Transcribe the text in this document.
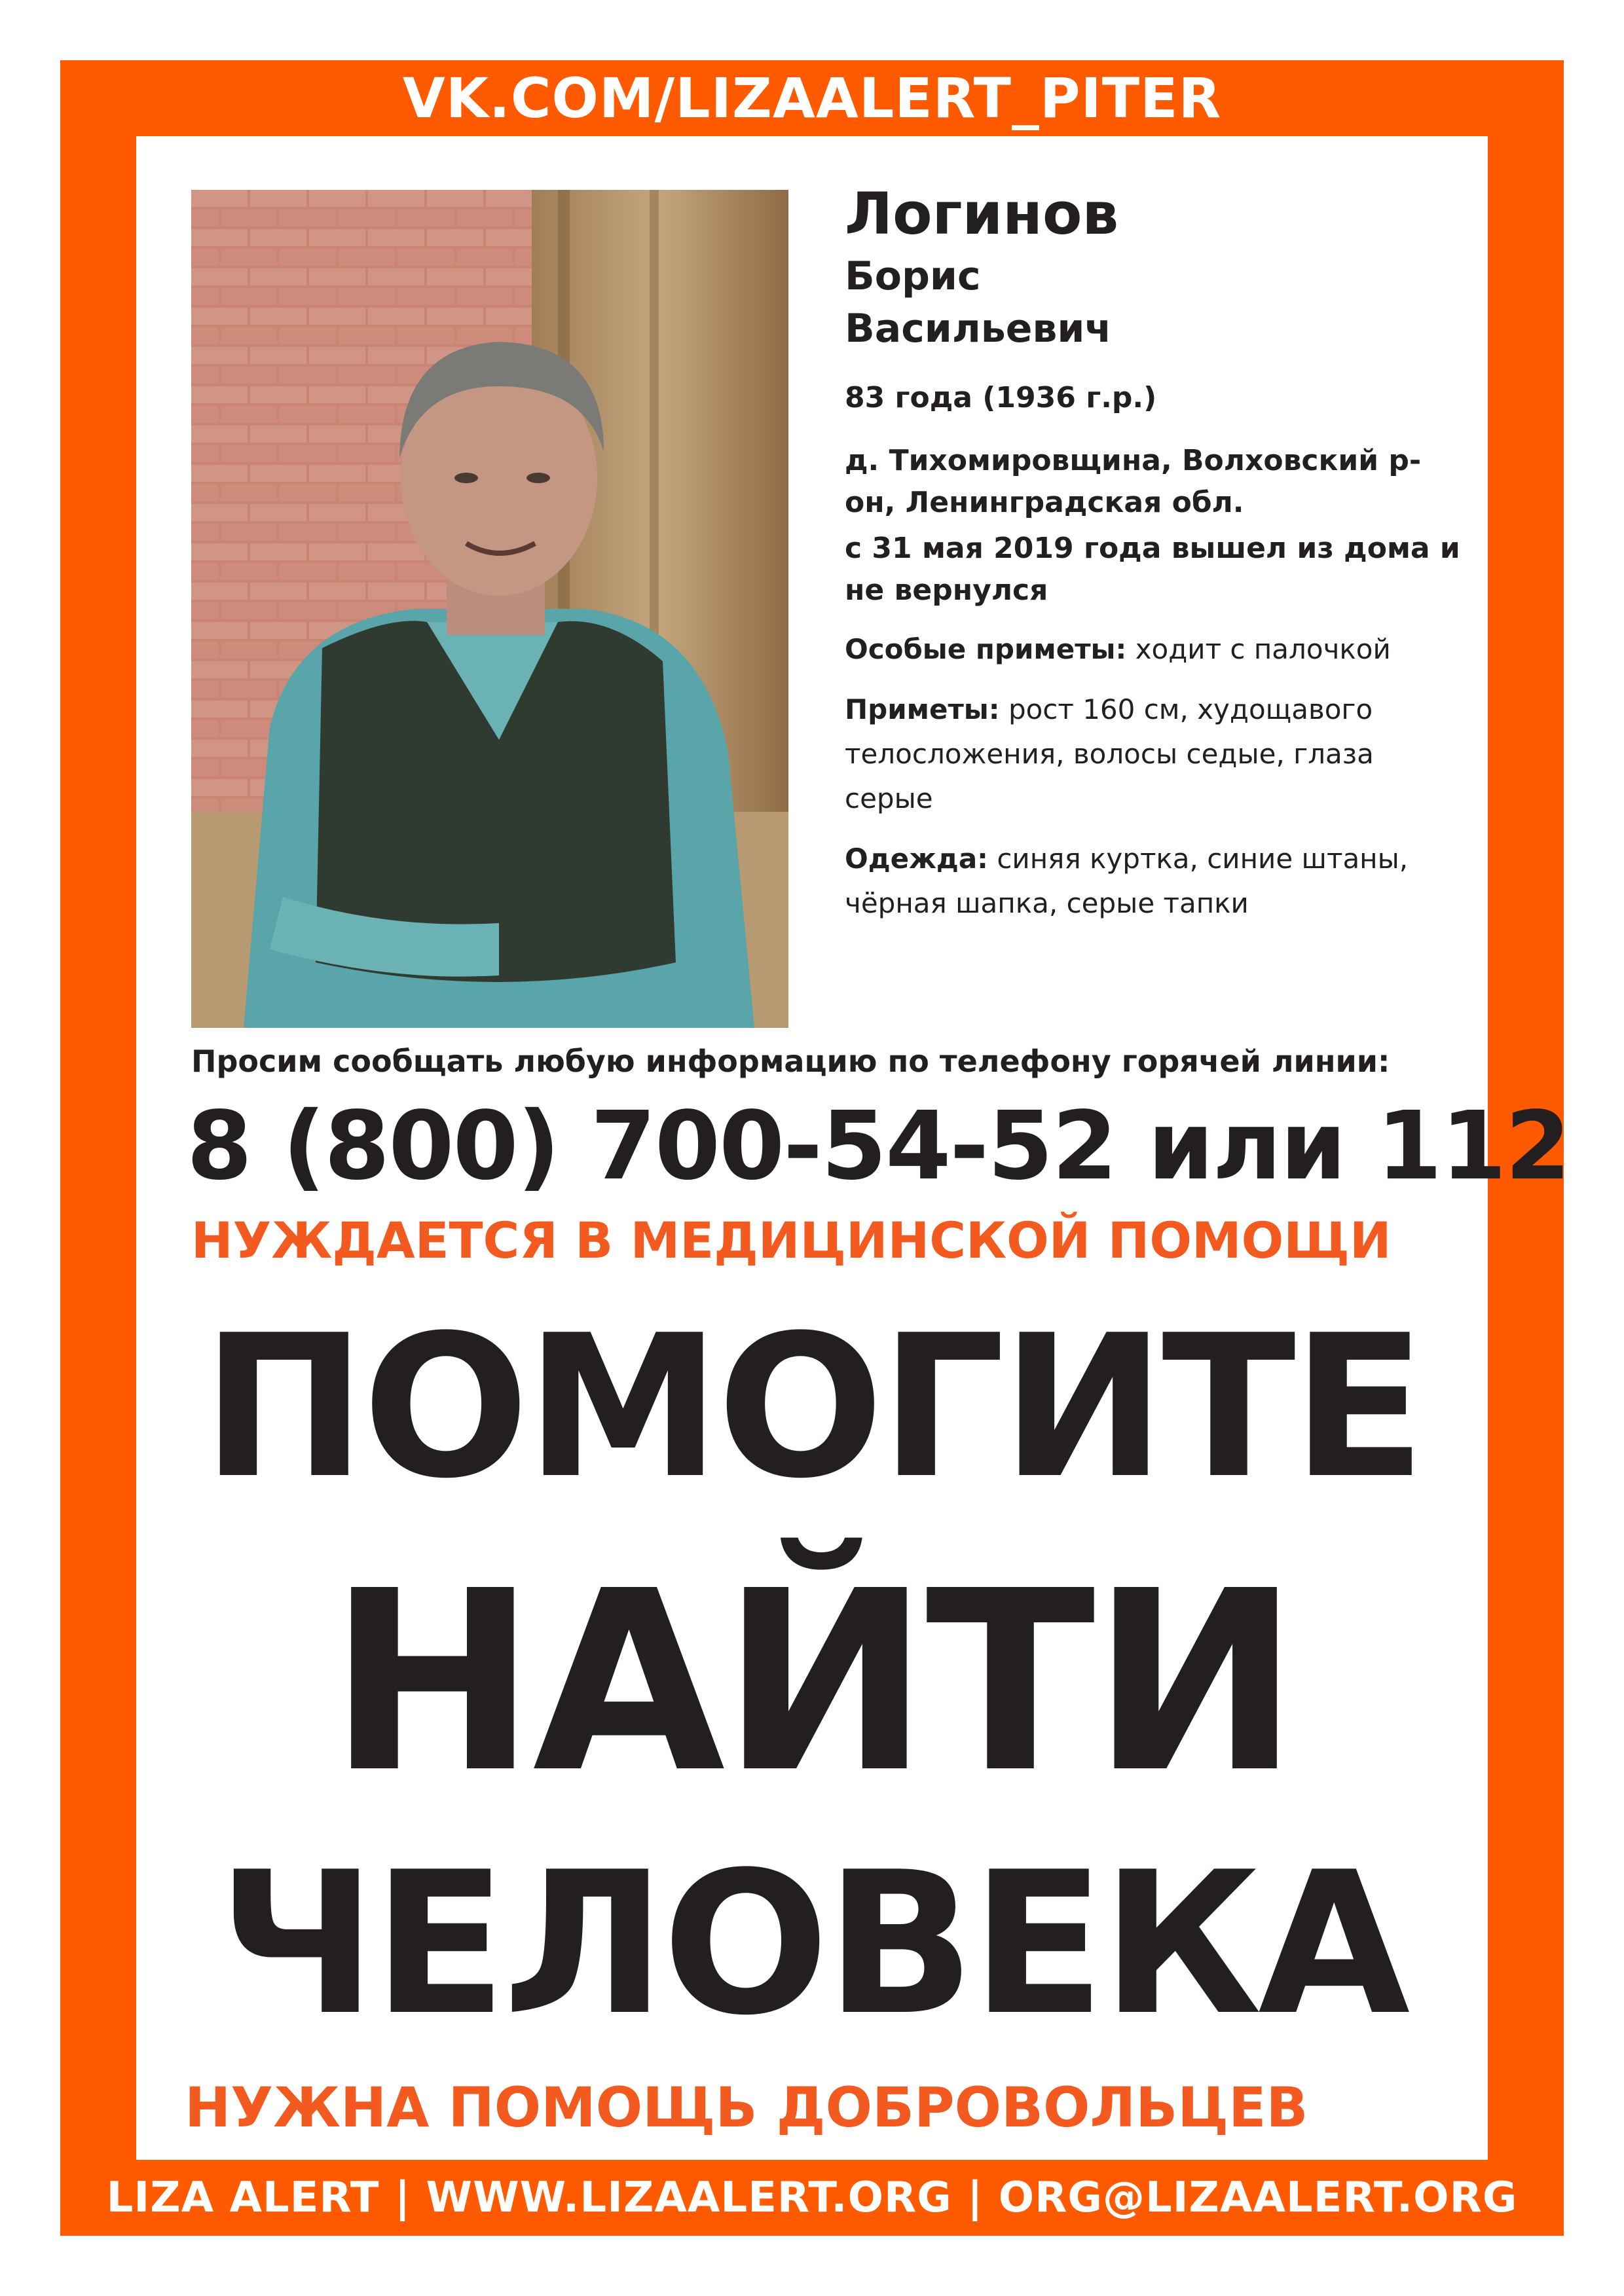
VK.COM/LIZAALERT_PITER
Логинов
Борис
Васильевич
83 года (1936 г.р.)
д. Тихомировщина, Волховский р-он, Ленинградская обл.
с 31 мая 2019 года вышел из дома и не вернулся
Особые приметы: ходит с палочкой
Приметы: рост 160 см, худощавого телосложения, волосы седые, глаза серые
Одежда: синяя куртка, синие штаны, чёрная шапка, серые тапки
Просим сообщать любую информацию по телефону горячей линии:
8 (800) 700-54-52 или 112
НУЖДАЕТСЯ В МЕДИЦИНСКОЙ ПОМОЩИ
ПОМОГИТЕ
НАЙТИ
ЧЕЛОВЕКА
НУЖНА ПОМОЩЬ ДОБРОВОЛЬЦЕВ
LIZA ALERT | WWW.LIZAALERT.ORG | ORG@LIZAALERT.ORG
